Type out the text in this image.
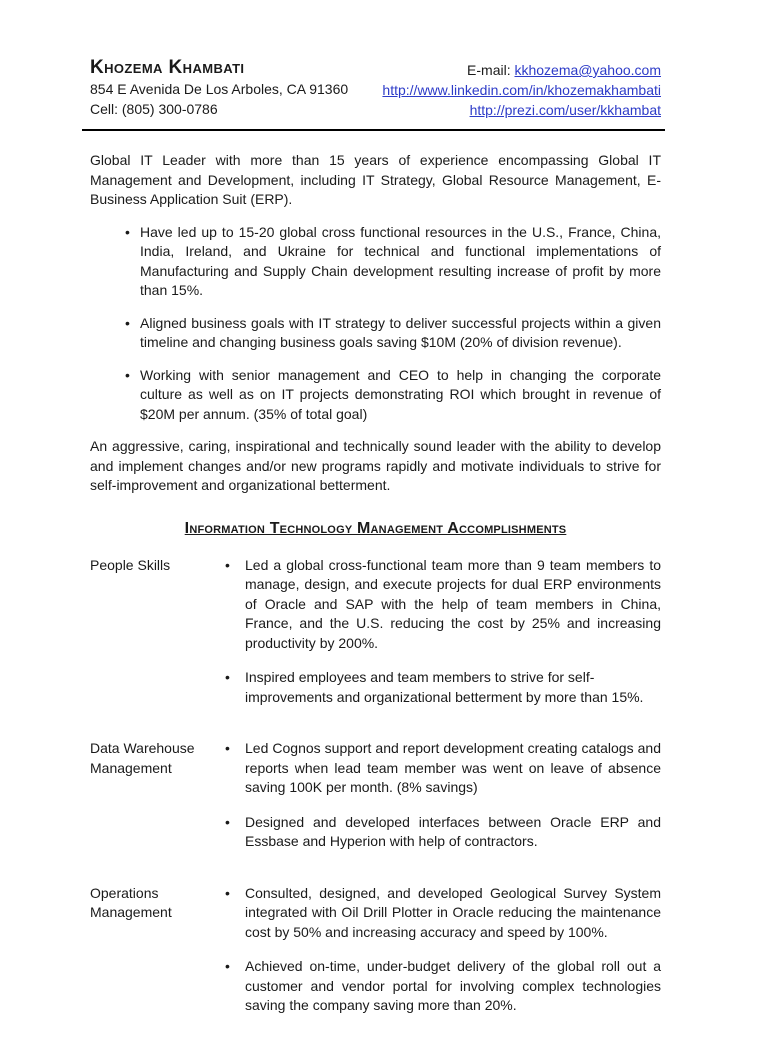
Khozema Khambati
854 E Avenida De Los Arboles, CA 91360
Cell: (805) 300-0786
E-mail: kkhozema@yahoo.com
http://www.linkedin.com/in/khozemakhambati
http://prezi.com/user/kkhambat

Global IT Leader with more than 15 years of experience encompassing Global IT Management and Development, including IT Strategy, Global Resource Management, E-Business Application Suit (ERP).

• Have led up to 15-20 global cross functional resources in the U.S., France, China, India, Ireland, and Ukraine for technical and functional implementations of Manufacturing and Supply Chain development resulting increase of profit by more than 15%.
• Aligned business goals with IT strategy to deliver successful projects within a given timeline and changing business goals saving $10M (20% of division revenue).
• Working with senior management and CEO to help in changing the corporate culture as well as on IT projects demonstrating ROI which brought in revenue of $20M per annum. (35% of total goal)

An aggressive, caring, inspirational and technically sound leader with the ability to develop and implement changes and/or new programs rapidly and motivate individuals to strive for self-improvement and organizational betterment.

Information Technology Management Accomplishments
People Skills	• Led a global cross-functional team more than 9 team members to manage, design, and execute projects for dual ERP environments of Oracle and SAP with the help of team members in China, France, and the U.S. reducing the cost by 25% and increasing productivity by 200%.
• Inspired employees and team members to strive for self-improvements and organizational betterment by more than 15%.
Data Warehouse Management
• Led Cognos support and report development creating catalogs and reports when lead team member was went on leave of absence saving 100K per month. (8% savings)
• Designed and developed interfaces between Oracle ERP and Essbase and Hyperion with help of contractors.
Operations Management
• Consulted, designed, and developed Geological Survey System integrated with Oil Drill Plotter in Oracle reducing the maintenance cost by 50% and increasing accuracy and speed by 100%.
• Achieved on-time, under-budget delivery of the global roll out a customer and vendor portal for involving complex technologies saving the company saving more than 20%.
